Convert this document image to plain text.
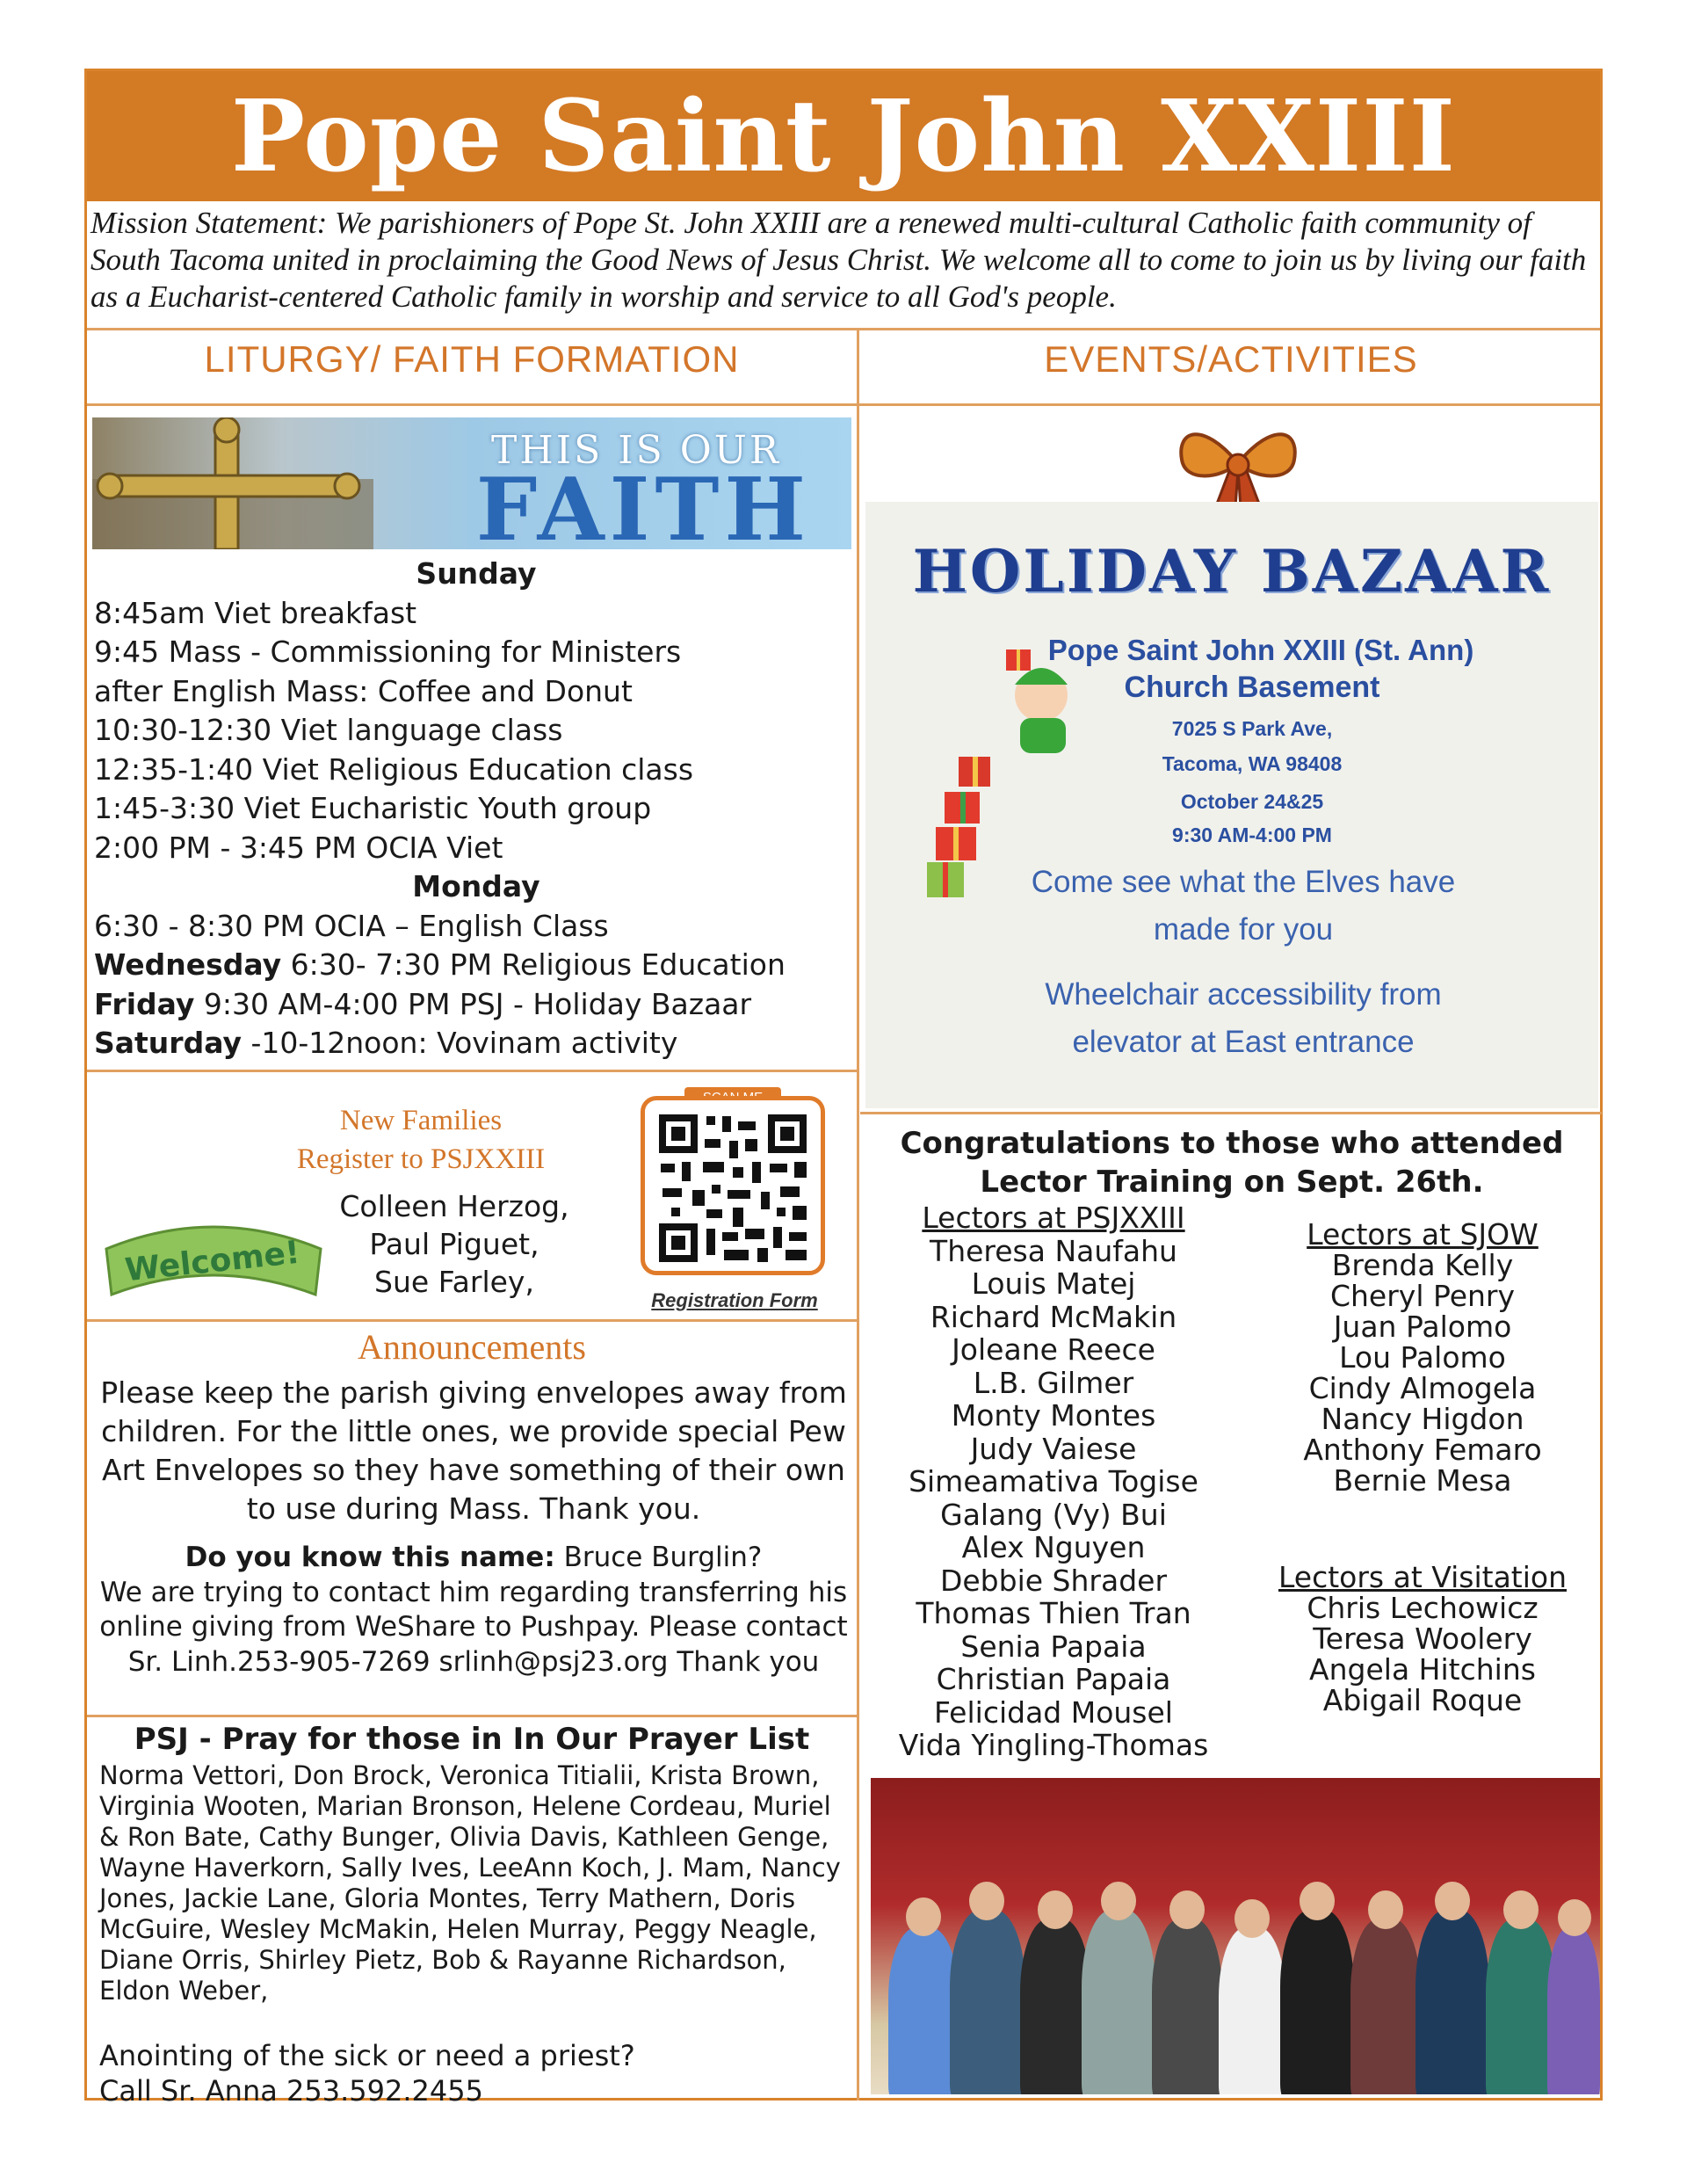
Pope Saint John XXIII
Mission Statement: We parishioners of Pope St. John XXIII are a renewed multi-cultural Catholic faith community of South Tacoma united in proclaiming the Good News of Jesus Christ. We welcome all to come to join us by living our faith as a Eucharist-centered Catholic family in worship and service to all God's people.
LITURGY/ FAITH FORMATION	EVENTS/ACTIVITIES
THIS IS OUR
FAITH
Sunday
8:45am Viet breakfast
9:45 Mass - Commissioning for Ministers
after English Mass: Coffee and Donut
10:30-12:30 Viet language class
12:35-1:40 Viet Religious Education class
1:45-3:30 Viet Eucharistic Youth group
2:00 PM - 3:45 PM OCIA Viet
Monday
6:30 - 8:30 PM OCIA – English Class
Wednesday 6:30- 7:30 PM Religious Education
Friday 9:30 AM-4:00 PM PSJ - Holiday Bazaar
Saturday -10-12noon: Vovinam activity
New Families
Register to PSJXXIII
Colleen Herzog,
Paul Piguet,
Sue Farley,
Welcome!
Registration Form
Announcements
Please keep the parish giving envelopes away from children. For the little ones, we provide special Pew Art Envelopes so they have something of their own to use during Mass. Thank you.
Do you know this name: Bruce Burglin?
We are trying to contact him regarding transferring his online giving from WeShare to Pushpay. Please contact Sr. Linh.253-905-7269 srlinh@psj23.org Thank you
PSJ - Pray for those in In Our Prayer List
Norma Vettori, Don Brock, Veronica Titialii, Krista Brown, Virginia Wooten, Marian Bronson, Helene Cordeau, Muriel & Ron Bate, Cathy Bunger, Olivia Davis, Kathleen Genge, Wayne Haverkorn, Sally Ives, LeeAnn Koch, J. Mam, Nancy Jones, Jackie Lane, Gloria Montes, Terry Mathern, Doris McGuire, Wesley McMakin, Helen Murray, Peggy Neagle, Diane Orris, Shirley Pietz, Bob & Rayanne Richardson, Eldon Weber,
Anointing of the sick or need a priest?
Call Sr. Anna 253.592.2455
HOLIDAY BAZAAR
Pope Saint John XXIII (St. Ann)
Church Basement
7025 S Park Ave,
Tacoma, WA 98408
October 24&25
9:30 AM-4:00 PM
Come see what the Elves have
made for you
Wheelchair accessibility from
elevator at East entrance
Congratulations to those who attended
Lector Training on Sept. 26th.
Lectors at PSJXXIII
Theresa Naufahu
Louis Matej
Richard McMakin
Joleane Reece
L.B. Gilmer
Monty Montes
Judy Vaiese
Simeamativa Togise
Galang (Vy) Bui
Alex Nguyen
Debbie Shrader
Thomas Thien Tran
Senia Papaia
Christian Papaia
Felicidad Mousel
Vida Yingling-Thomas
Lectors at SJOW
Brenda Kelly
Cheryl Penry
Juan Palomo
Lou Palomo
Cindy Almogela
Nancy Higdon
Anthony Femaro
Bernie Mesa
Lectors at Visitation
Chris Lechowicz
Teresa Woolery
Angela Hitchins
Abigail Roque
